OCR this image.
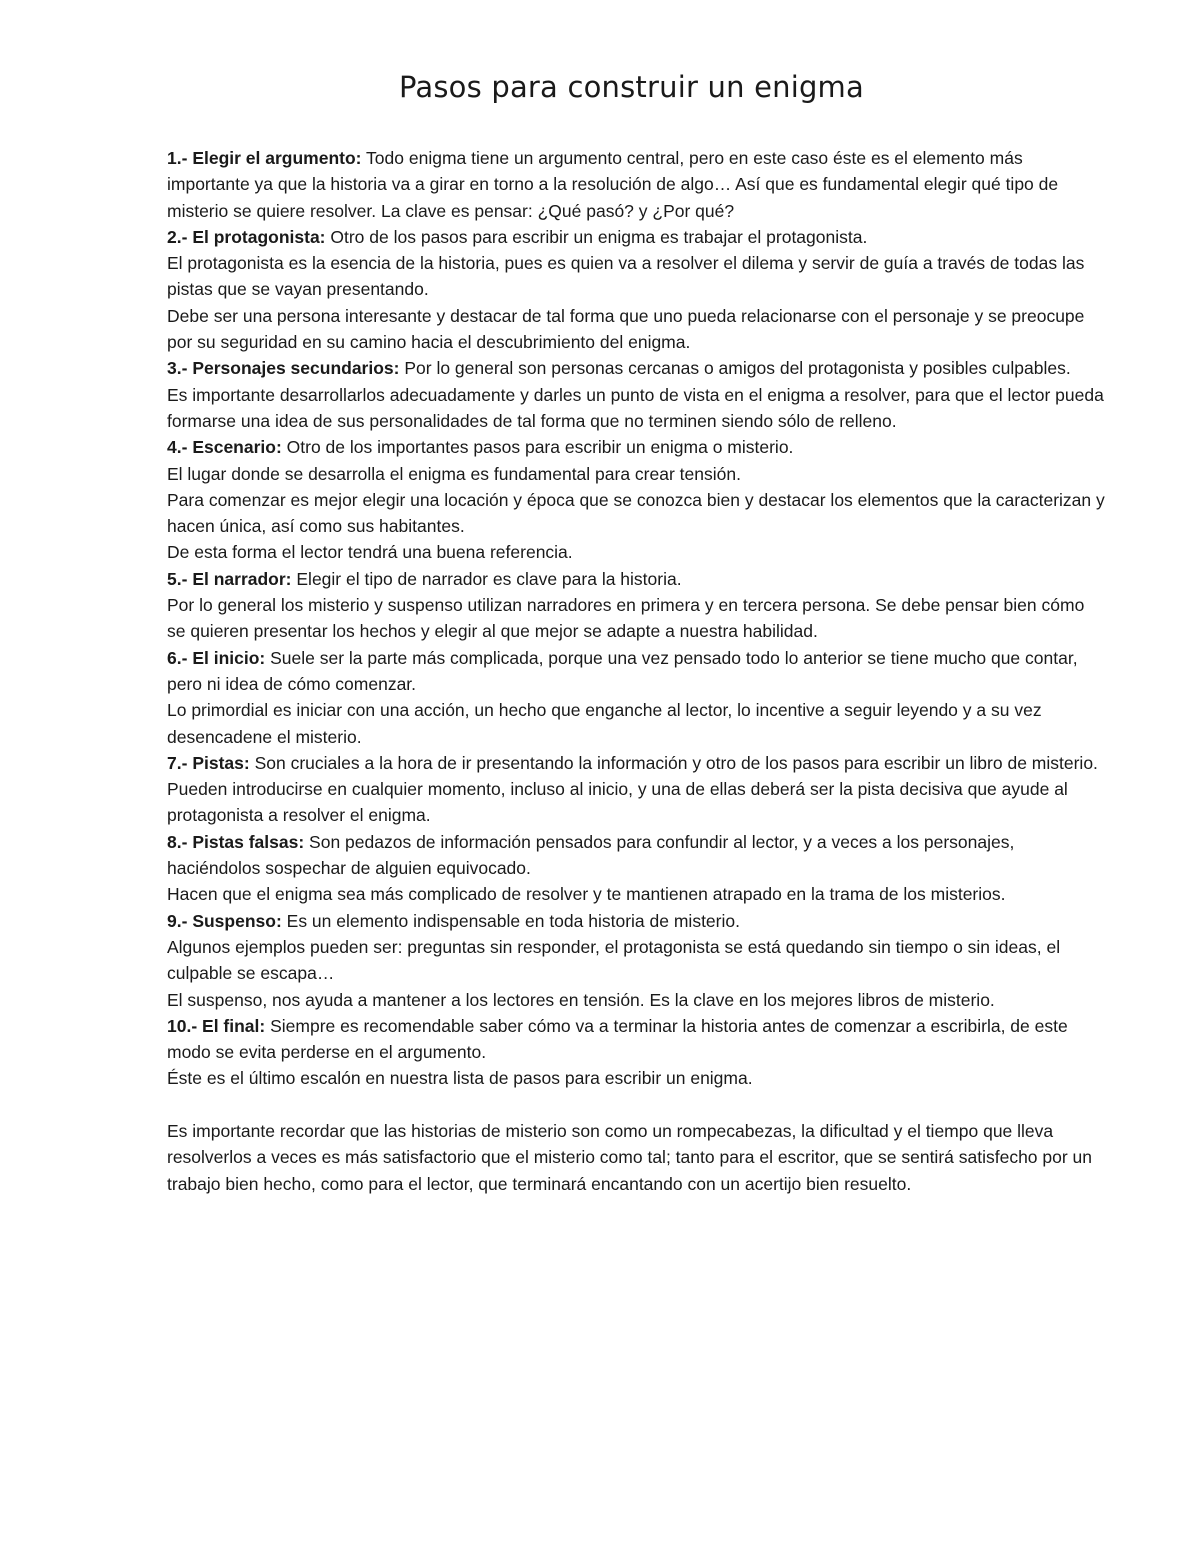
Pasos para construir un enigma

1.- Elegir el argumento: Todo enigma tiene un argumento central, pero en este caso éste es el elemento más importante ya que la historia va a girar en torno a la resolución de algo… Así que es fundamental elegir qué tipo de misterio se quiere resolver. La clave es pensar: ¿Qué pasó? y ¿Por qué?

2.- El protagonista: Otro de los pasos para escribir un enigma es trabajar el protagonista.

El protagonista es la esencia de la historia, pues es quien va a resolver el dilema y servir de guía a través de todas las pistas que se vayan presentando.

Debe ser una persona interesante y destacar de tal forma que uno pueda relacionarse con el personaje y se preocupe por su seguridad en su camino hacia el descubrimiento del enigma.

3.- Personajes secundarios: Por lo general son personas cercanas o amigos del protagonista y posibles culpables.

Es importante desarrollarlos adecuadamente y darles un punto de vista en el enigma a resolver, para que el lector pueda formarse una idea de sus personalidades de tal forma que no terminen siendo sólo de relleno.

4.- Escenario: Otro de los importantes pasos para escribir un enigma o misterio.

El lugar donde se desarrolla el enigma es fundamental para crear tensión.

Para comenzar es mejor elegir una locación y época que se conozca bien y destacar los elementos que la caracterizan y hacen única, así como sus habitantes.

De esta forma el lector tendrá una buena referencia.

5.- El narrador: Elegir el tipo de narrador es clave para la historia.

Por lo general los misterio y suspenso utilizan narradores en primera y en tercera persona. Se debe pensar bien cómo se quieren presentar los hechos y elegir al que mejor se adapte a nuestra habilidad.

6.- El inicio: Suele ser la parte más complicada, porque una vez pensado todo lo anterior se tiene mucho que contar, pero ni idea de cómo comenzar.

Lo primordial es iniciar con una acción, un hecho que enganche al lector, lo incentive a seguir leyendo y a su vez desencadene el misterio.

7.- Pistas: Son cruciales a la hora de ir presentando la información y otro de los pasos para escribir un libro de misterio.

Pueden introducirse en cualquier momento, incluso al inicio, y una de ellas deberá ser la pista decisiva que ayude al protagonista a resolver el enigma.

8.- Pistas falsas: Son pedazos de información pensados para confundir al lector, y a veces a los personajes, haciéndolos sospechar de alguien equivocado.

Hacen que el enigma sea más complicado de resolver y te mantienen atrapado en la trama de los misterios.

9.- Suspenso: Es un elemento indispensable en toda historia de misterio.

Algunos ejemplos pueden ser: preguntas sin responder, el protagonista se está quedando sin tiempo o sin ideas, el culpable se escapa…

El suspenso, nos ayuda a mantener a los lectores en tensión. Es la clave en los mejores libros de misterio.

10.- El final: Siempre es recomendable saber cómo va a terminar la historia antes de comenzar a escribirla, de este modo se evita perderse en el argumento.

Éste es el último escalón en nuestra lista de pasos para escribir un enigma.

Es importante recordar que las historias de misterio son como un rompecabezas, la dificultad y el tiempo que lleva resolverlos a veces es más satisfactorio que el misterio como tal; tanto para el escritor, que se sentirá satisfecho por un trabajo bien hecho, como para el lector, que terminará encantando con un acertijo bien resuelto.
